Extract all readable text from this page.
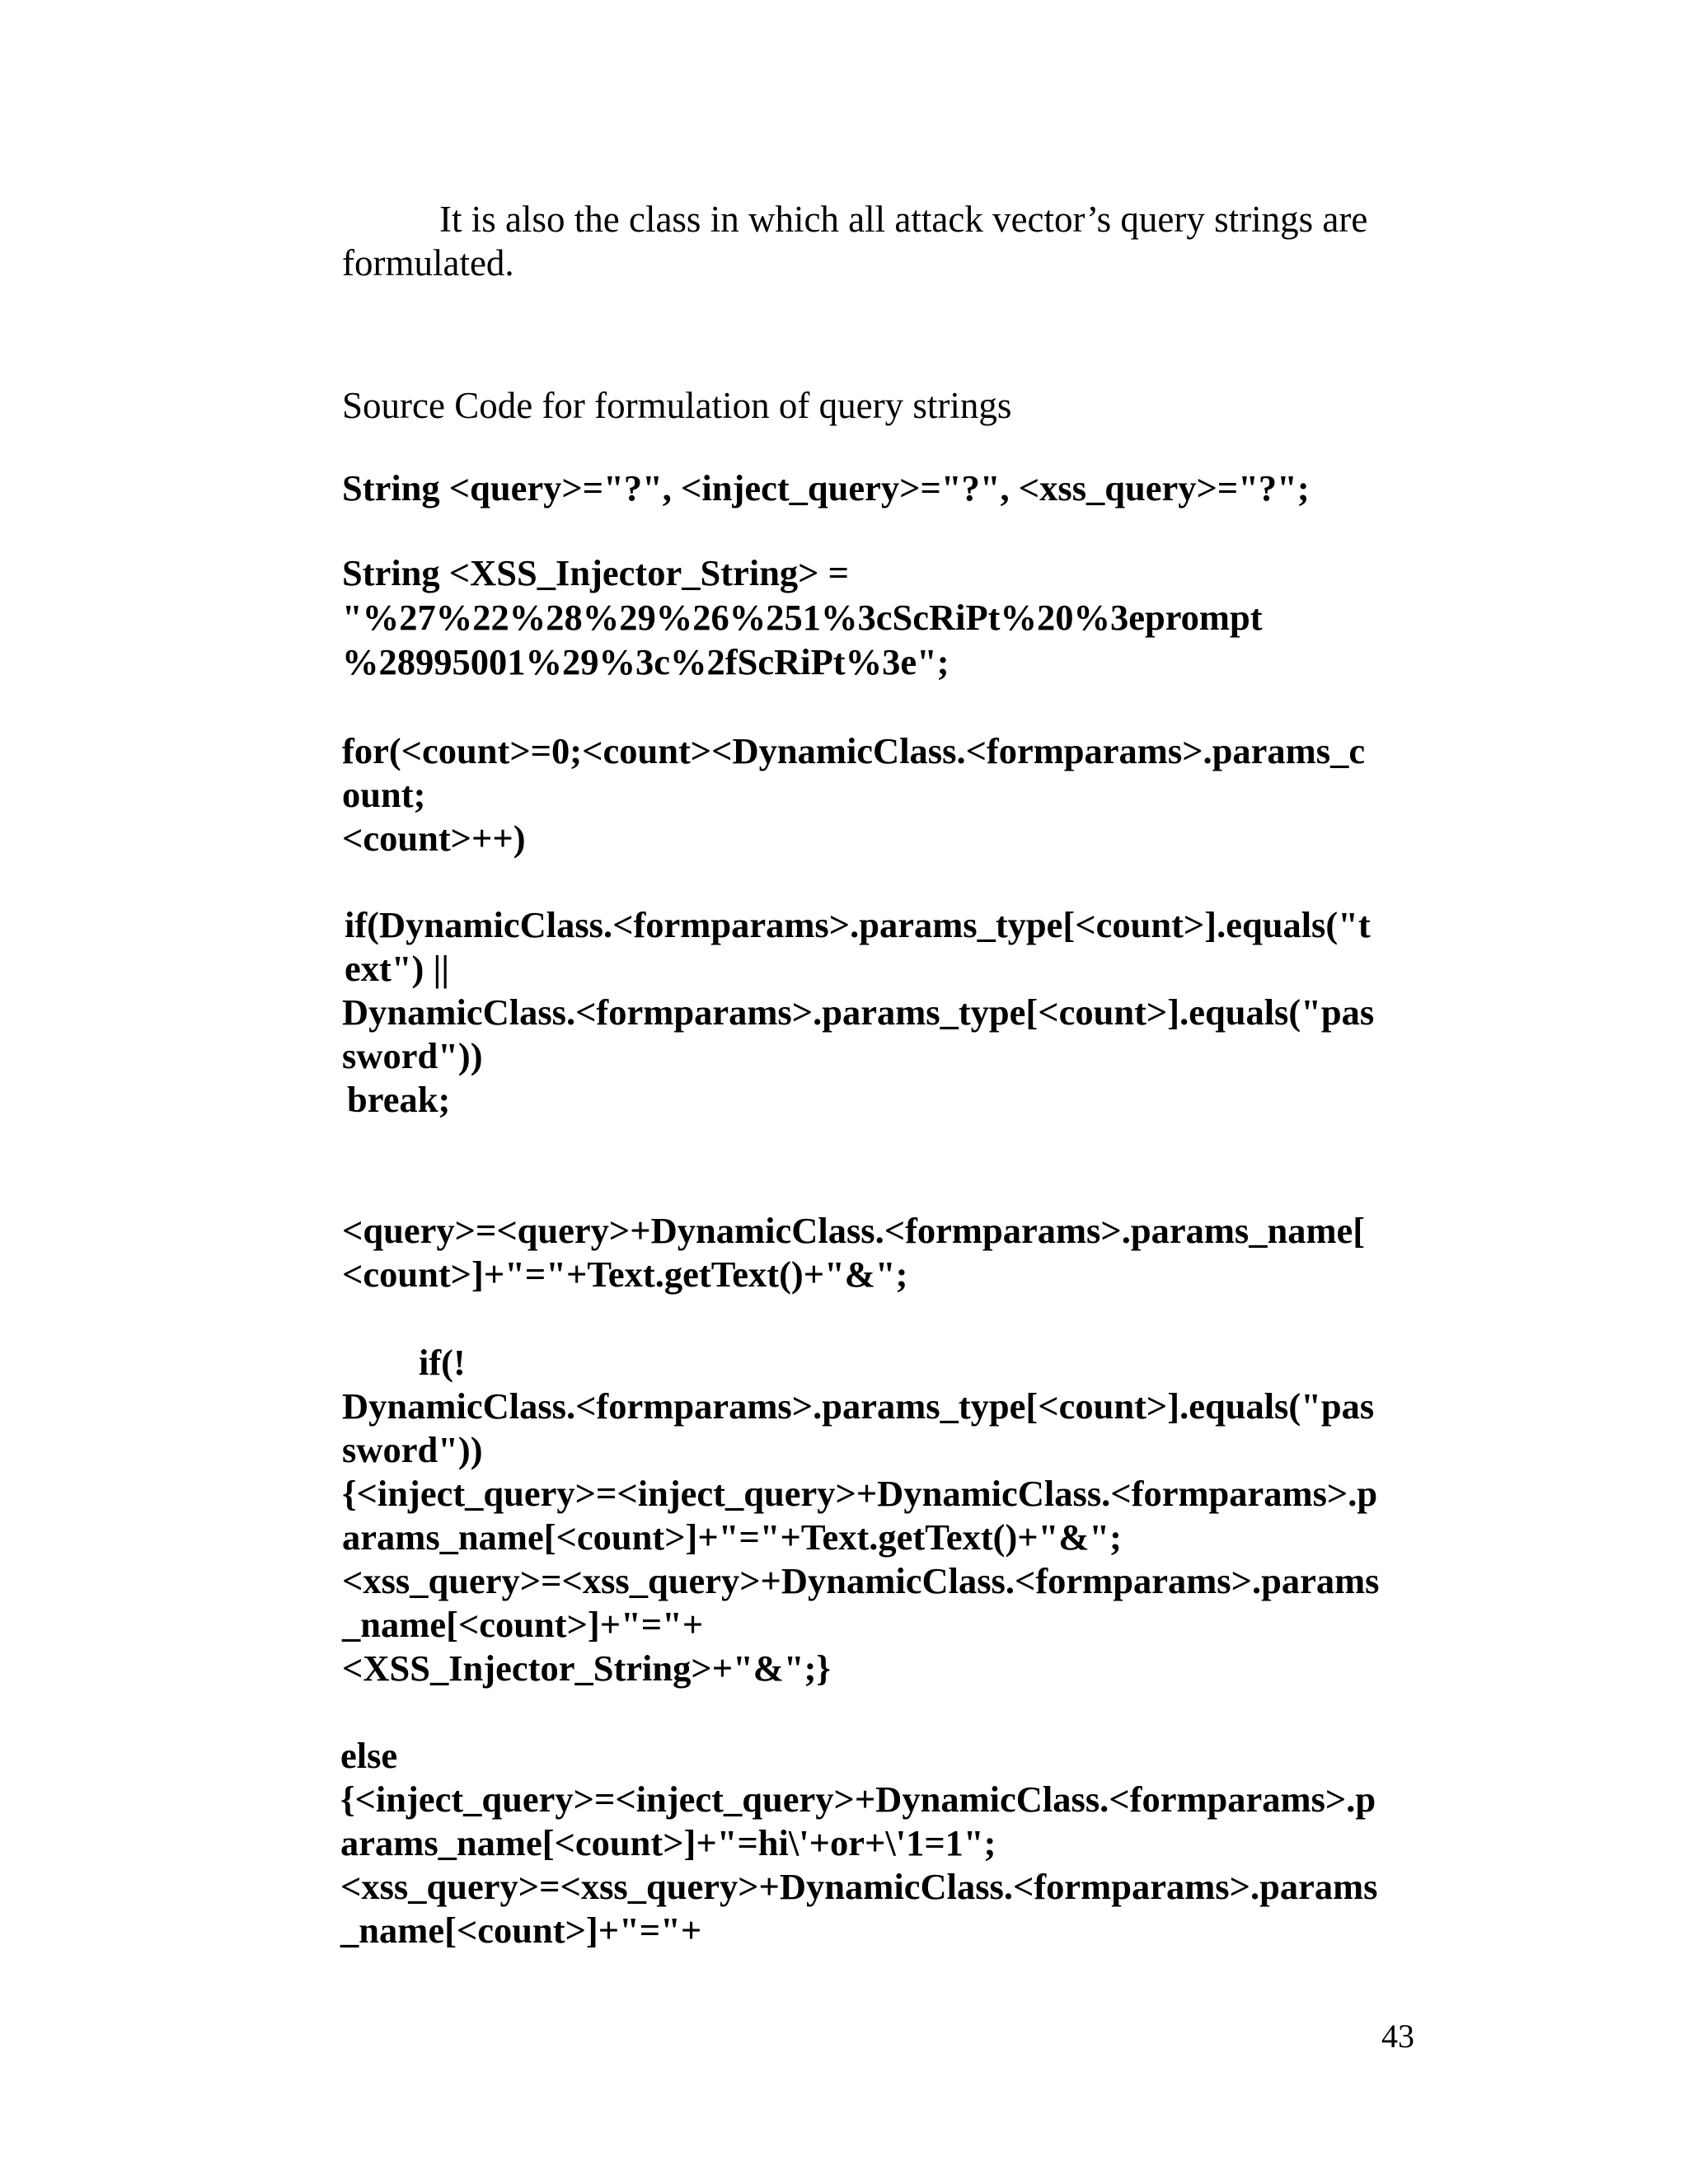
It is also the class in which all attack vector’s query strings are

formulated.

Source Code for formulation of query strings

String <query>="?", <inject_query>="?", <xss_query>="?";

String <XSS_Injector_String> =

"%27%22%28%29%26%251%3cScRiPt%20%3eprompt

%28995001%29%3c%2fScRiPt%3e";

for(<count>=0;<count><DynamicClass.<formparams>.params_c

ount;

<count>++)

if(DynamicClass.<formparams>.params_type[<count>].equals("t

ext") ||

DynamicClass.<formparams>.params_type[<count>].equals("pas

sword"))

break;

<query>=<query>+DynamicClass.<formparams>.params_name[

<count>]+"="+Text.getText()+"&";

if(!

DynamicClass.<formparams>.params_type[<count>].equals("pas

sword"))

{<inject_query>=<inject_query>+DynamicClass.<formparams>.p

arams_name[<count>]+"="+Text.getText()+"&";

<xss_query>=<xss_query>+DynamicClass.<formparams>.params

_name[<count>]+"="+

<XSS_Injector_String>+"&";}

else

{<inject_query>=<inject_query>+DynamicClass.<formparams>.p

arams_name[<count>]+"=hi\'+or+\'1=1";

<xss_query>=<xss_query>+DynamicClass.<formparams>.params

_name[<count>]+"="+

43
